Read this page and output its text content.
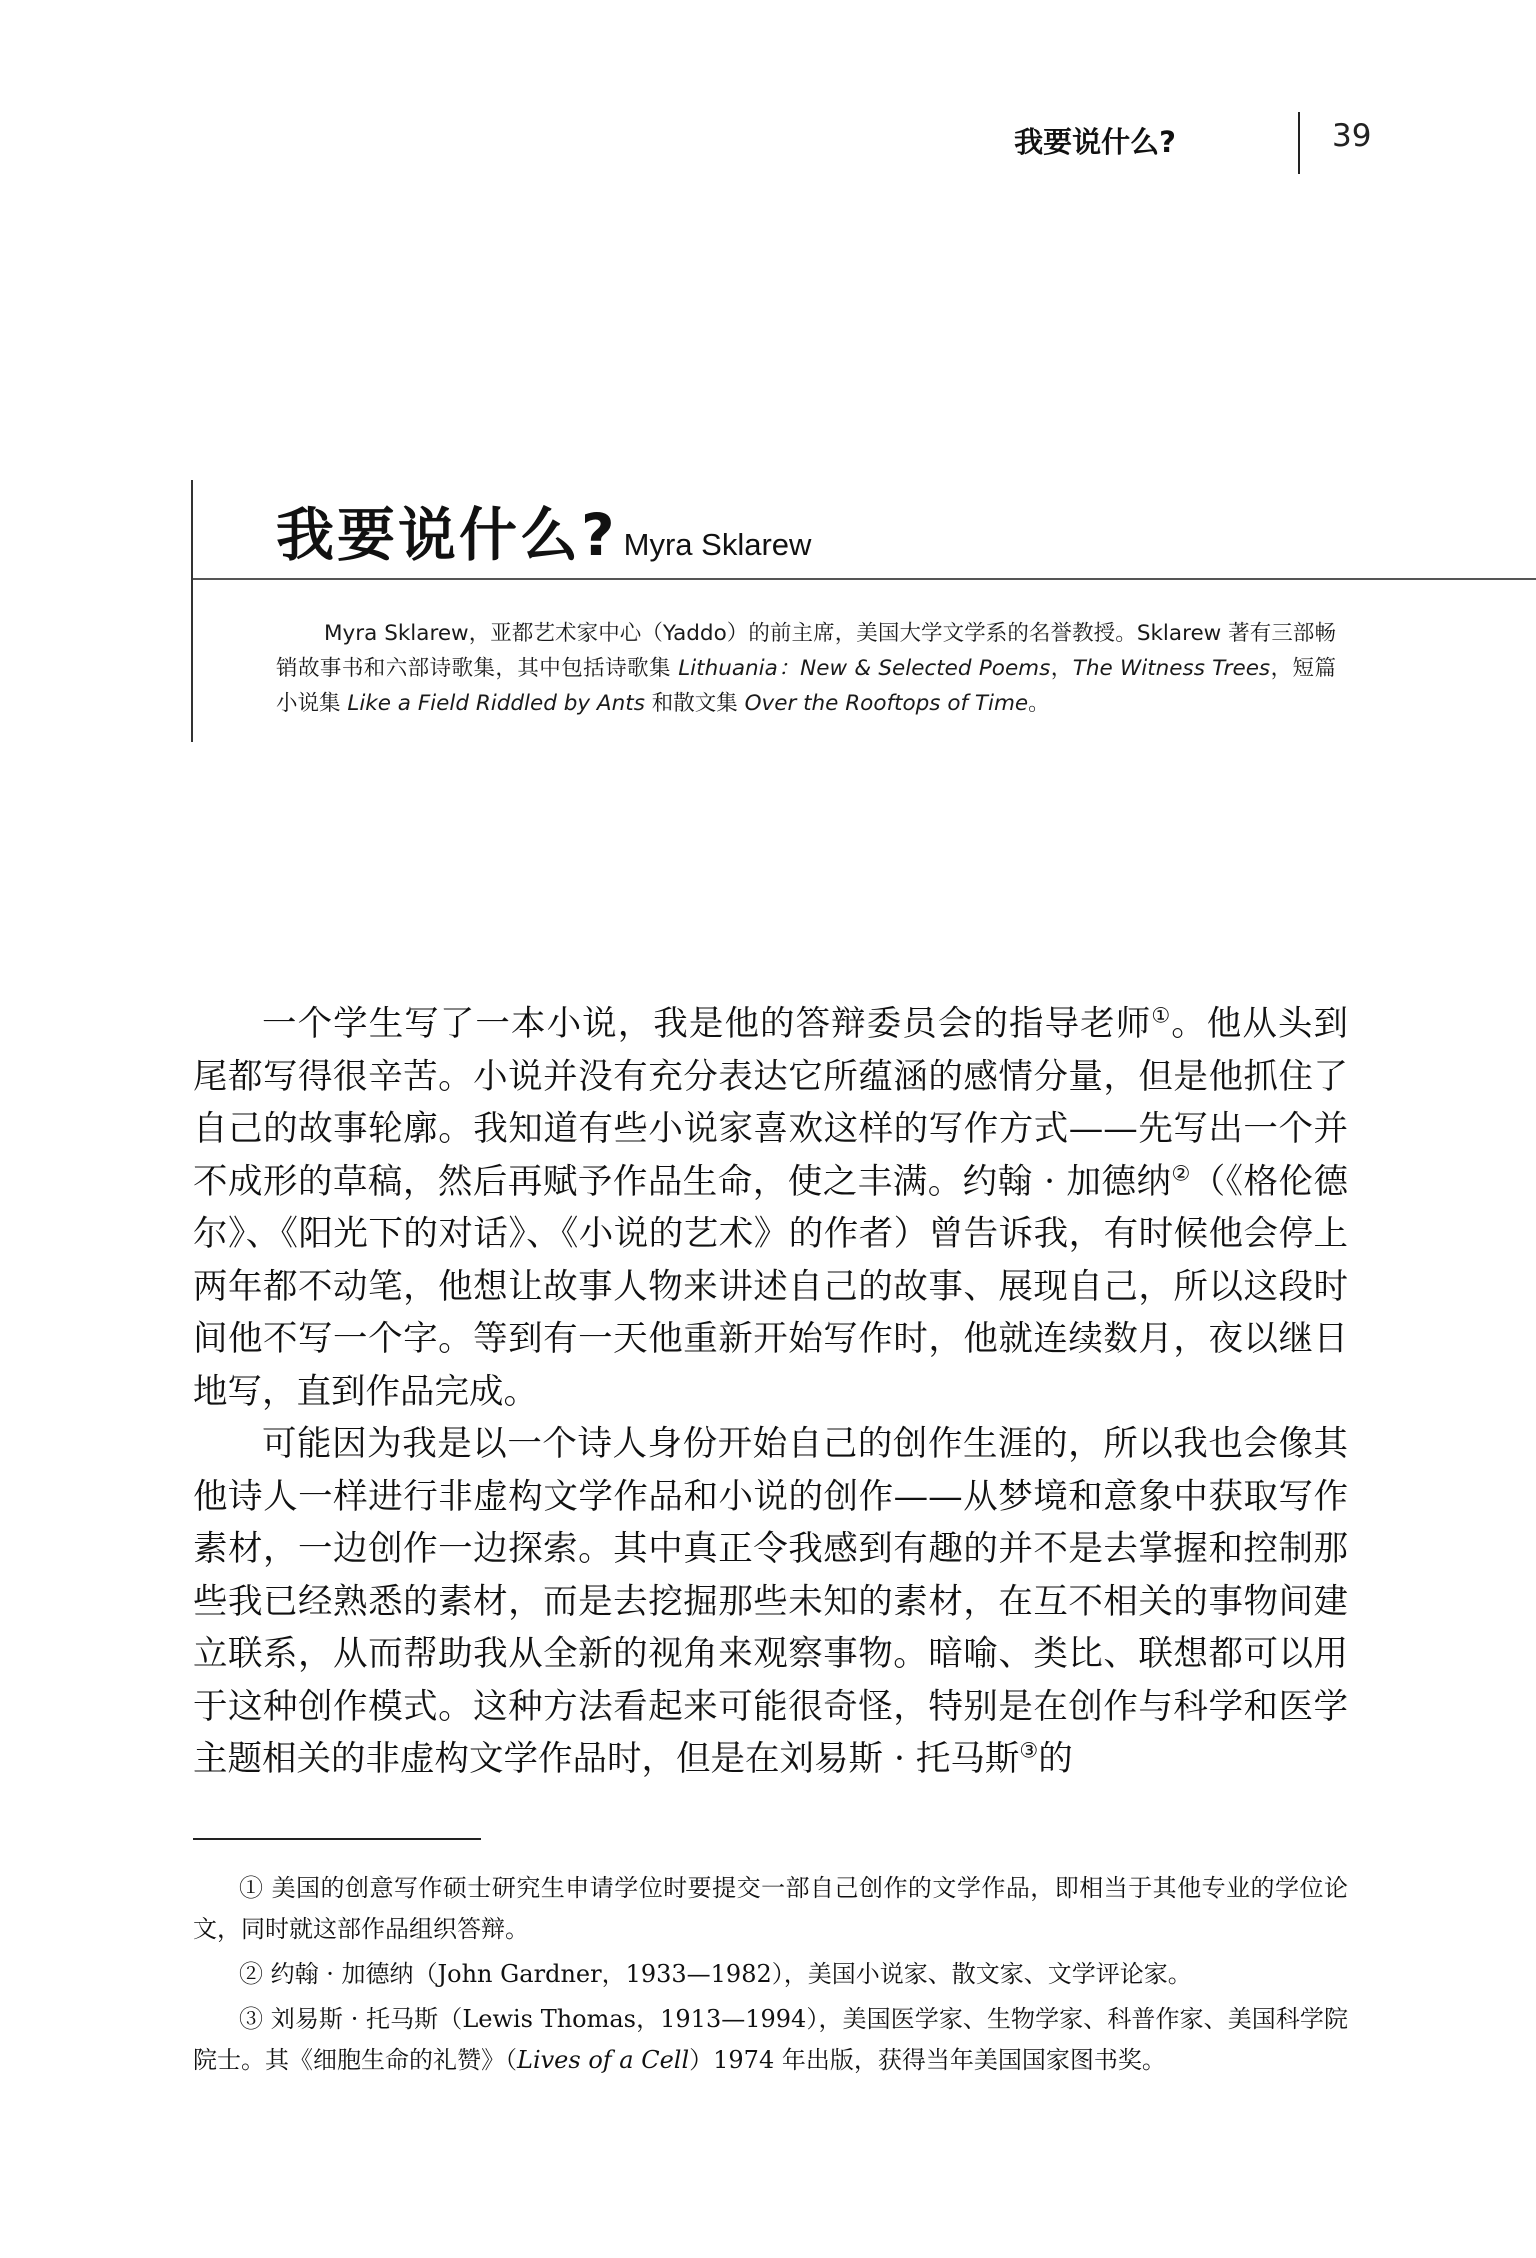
我要说什么?	39
我要说什么? Myra Sklarew
Myra Sklarew，亚都艺术家中心（Yaddo）的前主席，美国大学文学系的名誉教授。Sklarew 著有三部畅销故事书和六部诗歌集，其中包括诗歌集 Lithuania：New & Selected Poems，The Witness Trees，短篇小说集 Like a Field Riddled by Ants 和散文集 Over the Rooftops of Time。

一个学生写了一本小说，我是他的答辩委员会的指导老师①。他从头到尾都写得很辛苦。小说并没有充分表达它所蕴涵的感情分量，但是他抓住了自己的故事轮廓。我知道有些小说家喜欢这样的写作方式——先写出一个并不成形的草稿，然后再赋予作品生命，使之丰满。约翰 · 加德纳②（《格伦德尔》、《阳光下的对话》、《小说的艺术》的作者）曾告诉我，有时候他会停上两年都不动笔，他想让故事人物来讲述自己的故事、展现自己，所以这段时间他不写一个字。等到有一天他重新开始写作时，他就连续数月，夜以继日地写，直到作品完成。

可能因为我是以一个诗人身份开始自己的创作生涯的，所以我也会像其他诗人一样进行非虚构文学作品和小说的创作——从梦境和意象中获取写作素材，一边创作一边探索。其中真正令我感到有趣的并不是去掌握和控制那些我已经熟悉的素材，而是去挖掘那些未知的素材，在互不相关的事物间建立联系，从而帮助我从全新的视角来观察事物。暗喻、类比、联想都可以用于这种创作模式。这种方法看起来可能很奇怪，特别是在创作与科学和医学主题相关的非虚构文学作品时，但是在刘易斯 · 托马斯③的

① 美国的创意写作硕士研究生申请学位时要提交一部自己创作的文学作品，即相当于其他专业的学位论文，同时就这部作品组织答辩。

② 约翰 · 加德纳（John Gardner，1933—1982），美国小说家、散文家、文学评论家。

③ 刘易斯 · 托马斯（Lewis Thomas，1913—1994），美国医学家、生物学家、科普作家、美国科学院院士。其《细胞生命的礼赞》（Lives of a Cell）1974 年出版，获得当年美国国家图书奖。
